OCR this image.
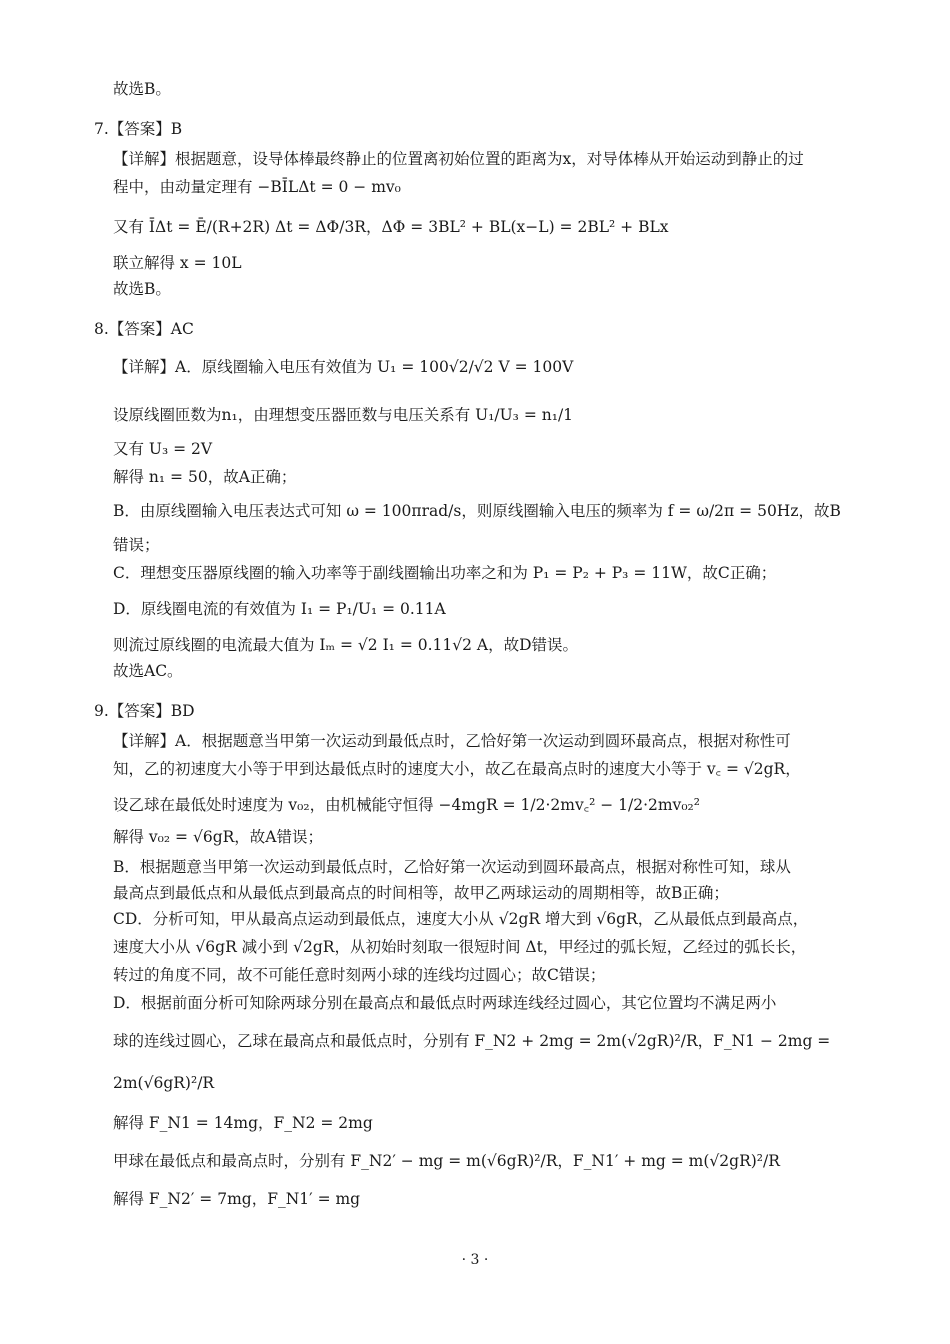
故选B。
7.【答案】B
【详解】根据题意，设导体棒最终静止的位置离初始位置的距离为x，对导体棒从开始运动到静止的过
程中，由动量定理有 −BĪLΔt = 0 − mv₀
又有 ĪΔt = Ē/(R+2R) Δt = ΔΦ/3R，ΔΦ = 3BL² + BL(x−L) = 2BL² + BLx
联立解得 x = 10L
故选B。
8.【答案】AC
【详解】A．原线圈输入电压有效值为 U₁ = 100√2/√2 V = 100V
设原线圈匝数为n₁，由理想变压器匝数与电压关系有 U₁/U₃ = n₁/1
又有 U₃ = 2V
解得 n₁ = 50，故A正确；
B．由原线圈输入电压表达式可知 ω = 100πrad/s，则原线圈输入电压的频率为 f = ω/2π = 50Hz，故B
错误；
C．理想变压器原线圈的输入功率等于副线圈输出功率之和为 P₁ = P₂ + P₃ = 11W，故C正确；
D．原线圈电流的有效值为 I₁ = P₁/U₁ = 0.11A
则流过原线圈的电流最大值为 Iₘ = √2 I₁ = 0.11√2 A，故D错误。
故选AC。
9.【答案】BD
【详解】A．根据题意当甲第一次运动到最低点时，乙恰好第一次运动到圆环最高点，根据对称性可
知，乙的初速度大小等于甲到达最低点时的速度大小，故乙在最高点时的速度大小等于 v꜀ = √2gR，
设乙球在最低处时速度为 v₀₂，由机械能守恒得 −4mgR = 1/2·2mv꜀² − 1/2·2mv₀₂²
解得 v₀₂ = √6gR，故A错误；
B．根据题意当甲第一次运动到最低点时，乙恰好第一次运动到圆环最高点，根据对称性可知，球从
最高点到最低点和从最低点到最高点的时间相等，故甲乙两球运动的周期相等，故B正确；
CD．分析可知，甲从最高点运动到最低点，速度大小从 √2gR 增大到 √6gR，乙从最低点到最高点，
速度大小从 √6gR 减小到 √2gR，从初始时刻取一很短时间 Δt，甲经过的弧长短，乙经过的弧长长，
转过的角度不同，故不可能任意时刻两小球的连线均过圆心；故C错误；
D．根据前面分析可知除两球分别在最高点和最低点时两球连线经过圆心，其它位置均不满足两小
球的连线过圆心，乙球在最高点和最低点时，分别有 F_N2 + 2mg = 2m(√2gR)²/R，F_N1 − 2mg =
2m(√6gR)²/R
解得 F_N1 = 14mg，F_N2 = 2mg
甲球在最低点和最高点时，分别有 F_N2′ − mg = m(√6gR)²/R，F_N1′ + mg = m(√2gR)²/R
解得 F_N2′ = 7mg，F_N1′ = mg
· 3 ·
